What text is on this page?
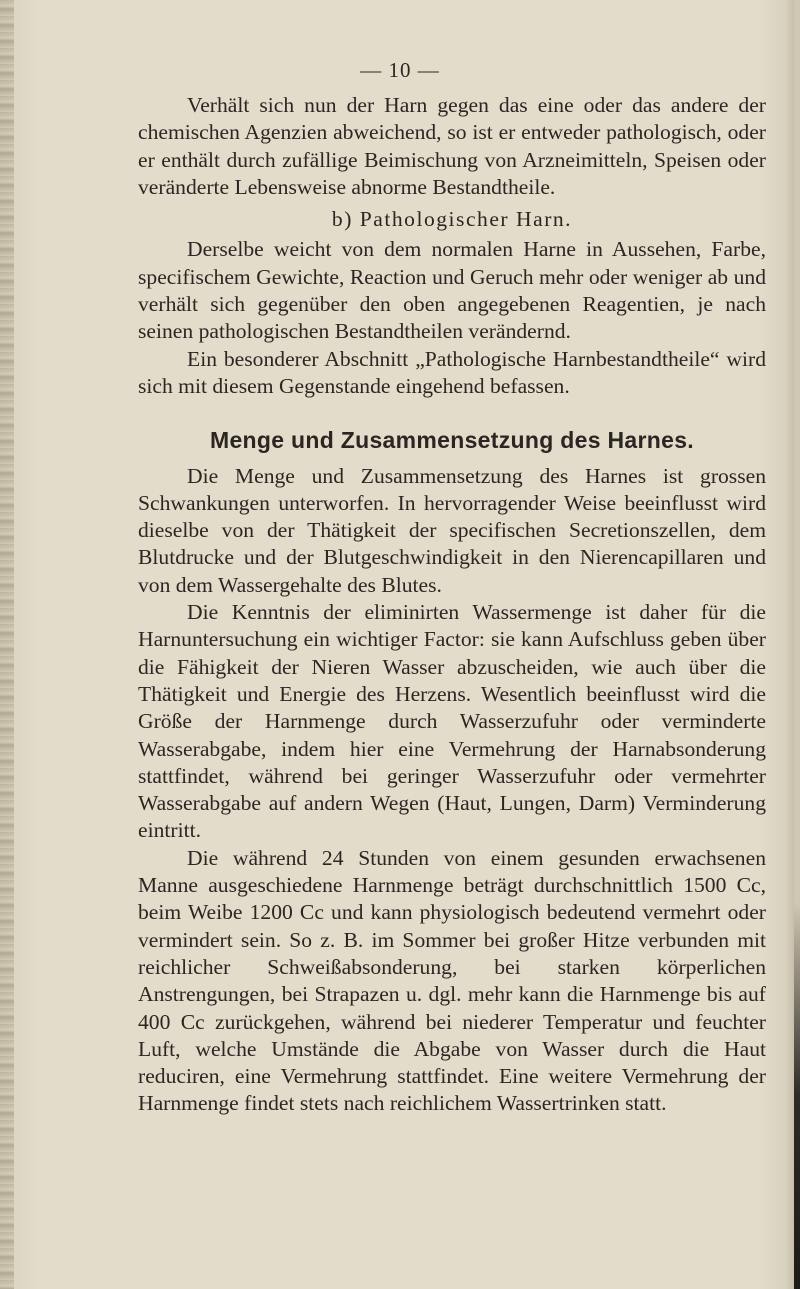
— 10 —

Verhält sich nun der Harn gegen das eine oder das andere der chemischen Agenzien abweichend, so ist er entweder pathologisch, oder er enthält durch zufällige Beimischung von Arzneimitteln, Speisen oder veränderte Lebensweise abnorme Bestandtheile.

b) Pathologischer Harn.

Derselbe weicht von dem normalen Harne in Aussehen, Farbe, specifischem Gewichte, Reaction und Geruch mehr oder weniger ab und verhält sich gegenüber den oben angegebenen Reagentien, je nach seinen pathologischen Bestandtheilen verändernd.

Ein besonderer Abschnitt „Pathologische Harnbestandtheile“ wird sich mit diesem Gegenstande eingehend befassen.

Menge und Zusammensetzung des Harnes.

Die Menge und Zusammensetzung des Harnes ist grossen Schwankungen unterworfen. In hervorragender Weise beeinflusst wird dieselbe von der Thätigkeit der specifischen Secretionszellen, dem Blutdrucke und der Blutgeschwindigkeit in den Nierencapillaren und von dem Wassergehalte des Blutes.

Die Kenntnis der eliminirten Wassermenge ist daher für die Harnuntersuchung ein wichtiger Factor: sie kann Aufschluss geben über die Fähigkeit der Nieren Wasser abzuscheiden, wie auch über die Thätigkeit und Energie des Herzens. Wesentlich beeinflusst wird die Größe der Harnmenge durch Wasserzufuhr oder verminderte Wasserabgabe, indem hier eine Vermehrung der Harnabsonderung stattfindet, während bei geringer Wasserzufuhr oder vermehrter Wasserabgabe auf andern Wegen (Haut, Lungen, Darm) Verminderung eintritt.

Die während 24 Stunden von einem gesunden erwachsenen Manne ausgeschiedene Harnmenge beträgt durchschnittlich 1500 Cc, beim Weibe 1200 Cc und kann physiologisch bedeutend vermehrt oder vermindert sein. So z. B. im Sommer bei großer Hitze verbunden mit reichlicher Schweißabsonderung, bei starken körperlichen Anstrengungen, bei Strapazen u. dgl. mehr kann die Harnmenge bis auf 400 Cc zurückgehen, während bei niederer Temperatur und feuchter Luft, welche Umstände die Abgabe von Wasser durch die Haut reduciren, eine Vermehrung stattfindet. Eine weitere Vermehrung der Harnmenge findet stets nach reichlichem Wassertrinken statt.
